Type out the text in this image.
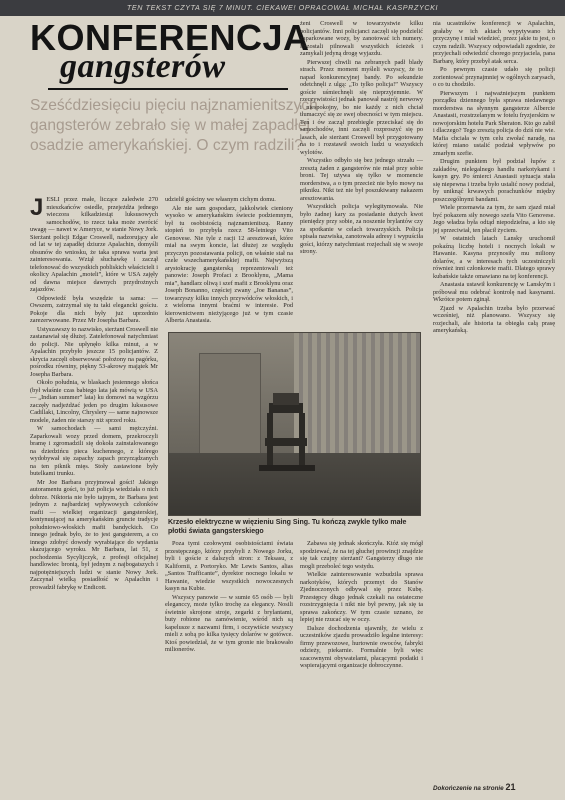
TEN TEKST CZYTA SIĘ 7 MINUT. CIEKAWE! OPRACOWAŁ MICHAŁ KASPRZYCKI
KONFERENCJA
gangsterów

Sześćdziesięciu pięciu najznamienitszych gangsterów zebrało się w małej zapadłej osadzie amerykańskiej. O czym radzili?

JESLI przez małe, liczące zaledwie 270 mieszkańców osiedle, przejeżdża jednego wieczora kilkadziesiąt luksusowych samochodów, to rzecz taka może zwrócić uwagę — nawet w Ameryce, w stanie Nowy Jork. Sierżant policji Edgar Croswell, nadzorujący ale od lat w tej zapadłej dziurze Apalachin, domyśli obsunów do wniosku, że taka sprawa warta jest zainteresowania. Wziął słuchawkę i zaczął telefonować do wszystkich pobliskich właścicieli i okolicy Apalachin „moteli”, które w USA zajęły od dawna miejsce dawnych przydrożnych zajazdów.

Odpowiedź była wszędzie ta sama: — Owszem, zatrzymał się tu taki elegancki gościu. Pokoje dla nich były już uprzednio zarezerwowane. Przez Mr Josepha Barbara.

Ustyszawszy to nazwisko, sierżant Croswell nie zastanawiał się dłużej. Zatelefonował natychmiast do policji. Nie upłynęło kilka minut, a w Apalachin przybyło jeszcze 15 policjantów. Z skrycia zaczęli obserwować położony na pagórku, pośrodku równiny, piękny 53-akrowy majątek Mr Josepha Barbara.

Około południa, w blaskach jesiennego słońca (był właśnie czas babiego lata jak mówią w USA — „Indian summer” lata) ku domowi na wzgórzu zaczęły nadjeżdżać jeden po drugim luksusowe Cadillaki, Lincolny, Chryslery — same najnowsze modele, żaden nie starszy niż sprzed roku.

W samochodach — sami mężczyźni. Zaparkowali wozy przed domem, przekroczyli bramę i zgromadzili się dokoła zainstalowanego na dziedzińcu pieca kuchennego, z którego wydobywał się zapachy zapach przyrządzanych na ten piknik mięs. Stoły zastawione były butelkami trunku.

Mr Joe Barbara przyjmował gości! Jakiego autoramentu gości, to już policja wiedziała o nich dobrze. Niktoria nie było tajnym, że Barbara jest jednym z najbardziej wpływowych członków mafii — wielkiej organizacji gangsterskiej, kontynuującej na amerykańskim gruncie tradycje południowo-włoskich mafii bandyckich. Co innego jednak było, że to jest gangsterem, a co innego zdobyć dowody wyrabiające do wydania skazującego wyroku. Mr Barbara, lat 51, z pochodzenia Sycylijczyk, z profesji oficjalnej handlowiec bronią, był jednym z najbogatszych i najpotężniejszych ludzi w stanie Nowy Jork. Zaczynał wielką posiadłość w Apalachin i prowadził fabrykę w Endicott.

udzielił gościny we własnym cichym domu.

Ale nie sam gospodarz, jakkolwiek cieniony wysoko w amerykańskim świecie podziemnym, był tu osobistością najznamienitszą. Ranny stopień to przybyła rzecz 58-letniego Vito Genovese. Nie tyle z racji 12 aresztowań, które miał na swym koncie, lat dłużej ze względu przyczyn pozostawania policji, on właśnie stał na czele wszechamerykańskiej mafii. Najwyższą arystokrację gangsterską reprezentowali też panowie: Joseph Profaci z Brooklynu, „Mama mia”, handlarz oliwą i szef mafii z Brooklynu oraz Joseph Bonanno, częściej zwany „Joe Bananas”, towarzyszy kilku innych przywódców włoskich, i z wieloma innymi braćmi w interesie. Pod kierownictwem nieżyjącego już w tym czasie Alberta Anastasia.

żeni Croswell w towarzystwie kilku policjantów. Inni policjanci zaczęli się podzielić zaparkowane wozy, by zanotować ich numery. Pozostali pilnowali wszystkich ścieżek i zamykali jedyną drogę wyjazdu.

Pierwszej chwili na zebranych padł blady strach. Przez moment myśleli wszyscy, że to napad konkurencyjnej bandy. Po sekundzie odetchnęli z ulgą: „To tylko policja!” Wszyscy goście uśmiechnęli się nieprzyjemnie. W rzeczywistości jednak panował nastrój nerwowy i niespokojny, bo nie każdy z nich chciał tłumaczyć się ze swej obecności w tym miejscu. Ten i ów zaczął przebiegle przeciskać się do samochodów, inni zaczęli rozproszyć się po lasach, ale sierżant Croswell był przygotowany na to i rozstawił swoich ludzi u wszystkich wylotów.

Wszystko odbyło się bez jednego strzału — zresztą żaden z gangsterów nie miał przy sobie broni. Tej używa się tylko w momencie morderstwa, a o tym przecież nie było mowy na pikniku. Nikt też nie był poszukiwany nakazem aresztowania.

Wszystkich policja wylegitymowała. Nie było żadnej kary za posiadanie dużych kwot pieniędzy przy sobie, za noszenie brylantów czy za spotkanie w celach towarzyskich. Policja spisała nazwiska, zanotowała adresy i wypuściła gości, którzy natychmiast rozjechali się w swoje strony.

Krzesło elektryczne w więzieniu Sing Sing. Tu kończą zwykle tylko małe płotki świata gangsterskiego

Poza tymi czołowymi osobistościami świata przestępczego, którzy przybyli z Nowego Jorku, byli i goście z dalszych stron: z Teksasu, z Kalifornii, z Portoryko. Mr Lewis Santos, alias „Santos Trafficante”, dyrektor nocnego lokalu w Hawanie, wiedzie wszystkich nowoczesnych kasyn na Kubie.

Wszyscy panowie — w sumie 65 osób — byli eleganccy, może tylko trochę za elegancy. Nosili świetnie skrojone stroje, zegarki z brylantami, buty robione na zamówienie, wśród nich są kapelusze z nazwami firm, i oczywiście wszyscy mieli z sobą po kilka tysięcy dolarów w gotówce. Ktoś powiedział, że w tym gronie nie brakowało milionerów.

Zabawa się jednak skończyła. Któż się mógł spodziewać, że na tej głuchej prowincji znajdzie się tak czujny sierżant? Gangsterzy długo nie mogli przeboleć tego wstydu.

Wielkie zainteresowanie wzbudziła sprawa narkotyków, których przemyt do Stanów Zjednoczonych odbywał się przez Kubę. Przestępcy długo jednak czekali na ostateczne rozstrzygnięcia i nikt nie był pewny, jak się ta sprawa zakończy. W tym czasie uznano, że lepiej nie rzucać się w oczy.

Dalsze dochodzenia ujawniły, że wielu z uczestników zjazdu prowadziło legalne interesy: firmy przewozowe, hurtownie owoców, fabryki odzieży, piekarnie. Formalnie byli więc szacownymi obywatelami, płacącymi podatki i wspierającymi organizacje dobroczynne.

nia ucastników konferencji w Apalachin, grałaby w ich aktach wypytywano ich przyczynę i miał wiedzieć, przez jakie tu jest, o czym radzili. Wszyscy odpowiadali zgodnie, że przyjechali odwiedzić chorego przyjaciela, pana Barbarę, który przebył atak serca.

Po pewnym czasie udało się policji zorientować przynajmniej w ogólnych zarysach, o co tu chodziło.

Pierwszym i najważniejszym punktem porządku dziennego była sprawa niedawnego morderstwa na słynnym gangsterze Albercie Anastasii, rozstrzelanym w fotelu fryzjerskim w nowojorskim hotelu Park Sheraton. Kto go zabił i dlaczego? Tego zresztą policja do dziś nie wie. Mafia chciała w tym celu zwołać naradę, na której miano ustalić podział wpływów po zmarłym szefie.

Drugim punktem był podział łupów z zakładów, nielegalnego handlu narkotykami i kasyn gry. Po śmierci Anastasii sytuacja stała się niepewna i trzeba było ustalić nowy podział, by uniknąć krwawych porachunków między poszczególnymi bandami.

Wiele przemawia za tym, że sam zjazd miał być pokazem siły nowego szefa Vito Genovese. Jego władza była odtąd niepodzielna, a kto się jej sprzeciwiał, ten płacił życiem.

W ostatnich latach Lansky uruchomił pokaźną liczbę hoteli i nocnych lokali w Hawanie. Kasyna przynosiły mu miliony dolarów, a w interesach tych uczestniczyli również inni członkowie mafii. Dlatego sprawy kubańskie także omawiano na tej konferencji.

Anastasia ustawił konkurencję w Lansky'm i próbował mu odebrać kontrolę nad kasynami. Wkrótce potem zginął.

Zjazd w Apalachin trzeba było przerwać wcześniej, niż planowano. Wszyscy się rozjechali, ale historia ta obiegła całą prasę amerykańską.

Dokończenie na stronie 21
